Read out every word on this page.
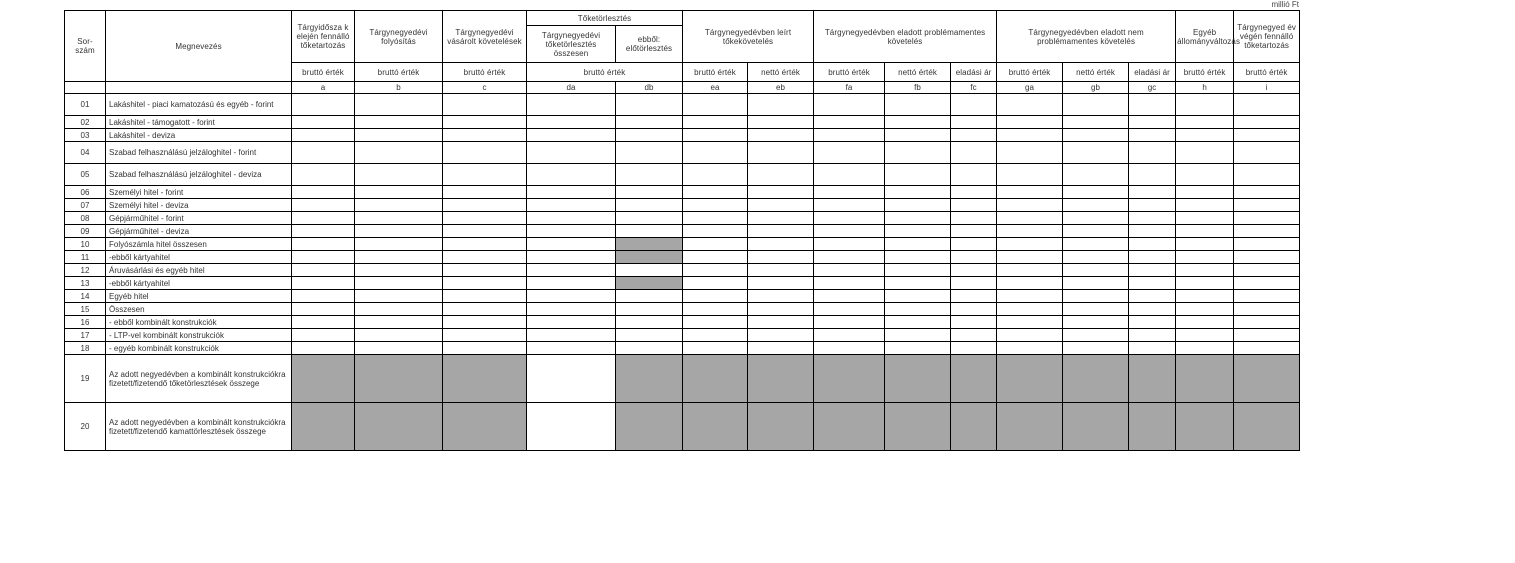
millió Ft
Sor-
szám	Megnevezés	Tárgyidősza k elején fennálló tőketartozás	Tárgynegyedévi folyósítás	Tárgynegyedévi vásárolt követelések	Tőketörlesztés		Tárgynegyedévben leírt tőkekövetelés		Tárgynegyedévben eladott problémamentes követelés			Tárgynegyedévben eladott nem problémamentes követelés			Egyéb állományváltozás	Tárgynegyed év végén fennálló tőketartozás
					Tárgynegyedévi tőketörlesztés összesen	ebből: előtörlesztés										
		bruttó érték	bruttó érték	bruttó érték	bruttó érték		bruttó érték	nettó érték	bruttó érték	nettó érték	eladási ár	bruttó érték	nettó érték	eladási ár	bruttó érték	bruttó érték
		a	b	c	da	db	ea	eb	fa	fb	fc	ga	gb	gc	h	i
01	Lakáshitel - piaci kamatozású és egyéb - forint															
02	Lakáshitel - támogatott - forint															
03	Lakáshitel - deviza															
04	Szabad felhasználású jelzáloghitel - forint															
05	Szabad felhasználású jelzáloghitel - deviza															
06	Személyi hitel - forint															
07	Személyi hitel - deviza															
08	Gépjárműhitel - forint															
09	Gépjárműhitel - deviza															
10	Folyószámla hitel összesen															
11	-ebből kártyahitel															
12	Áruvásárlási és egyéb hitel															
13	-ebből kártyahitel															
14	Egyéb hitel															
15	Összesen															
16	- ebből kombinált konstrukciók															
17	- LTP-vel kombinált konstrukciók															
18	- egyéb kombinált konstrukciók															
19	Az adott negyedévben a kombinált konstrukciókra fizetett/fizetendő tőketörlesztések összege															
20	Az adott negyedévben a kombinált konstrukciókra fizetett/fizetendő kamattörlesztések összege															
